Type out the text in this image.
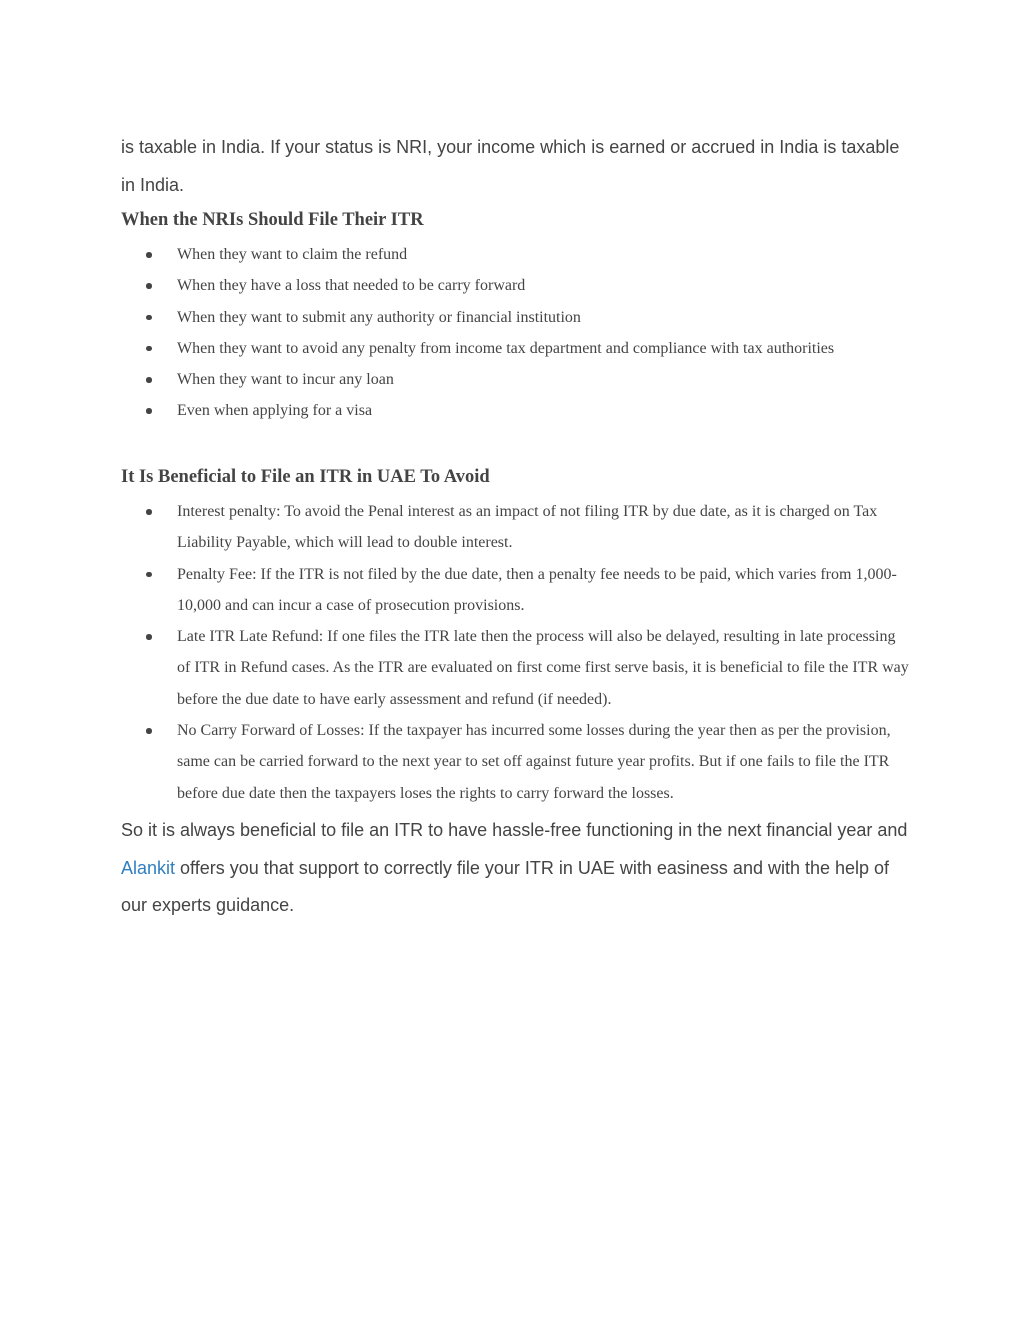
is taxable in India. If your status is NRI, your income which is earned or accrued in India is taxable in India.

When the NRIs Should File Their ITR
When they want to claim the refund
When they have a loss that needed to be carry forward
When they want to submit any authority or financial institution
When they want to avoid any penalty from income tax department and compliance with tax authorities
When they want to incur any loan
Even when applying for a visa
It Is Beneficial to File an ITR in UAE To Avoid
Interest penalty: To avoid the Penal interest as an impact of not filing ITR by due date, as it is charged on Tax Liability Payable, which will lead to double interest.
Penalty Fee: If the ITR is not filed by the due date, then a penalty fee needs to be paid, which varies from 1,000-10,000 and can incur a case of prosecution provisions.
Late ITR Late Refund: If one files the ITR late then the process will also be delayed, resulting in late processing of ITR in Refund cases. As the ITR are evaluated on first come first serve basis, it is beneficial to file the ITR way before the due date to have early assessment and refund (if needed).
No Carry Forward of Losses: If the taxpayer has incurred some losses during the year then as per the provision, same can be carried forward to the next year to set off against future year profits. But if one fails to file the ITR before due date then the taxpayers loses the rights to carry forward the losses.

So it is always beneficial to file an ITR to have hassle-free functioning in the next financial year and Alankit offers you that support to correctly file your ITR in UAE with easiness and with the help of our experts guidance.
